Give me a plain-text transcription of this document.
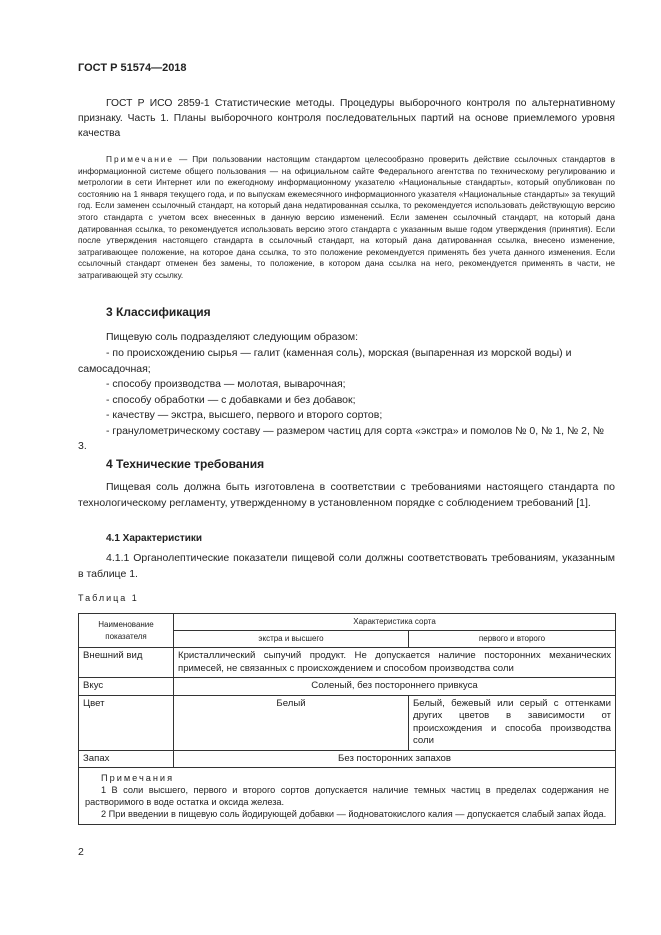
ГОСТ Р 51574—2018
ГОСТ Р ИСО 2859-1 Статистические методы. Процедуры выборочного контроля по альтернативному признаку. Часть 1. Планы выборочного контроля последовательных партий на основе приемлемого уровня качества
Примечание — При пользовании настоящим стандартом целесообразно проверить действие ссылочных стандартов в информационной системе общего пользования — на официальном сайте Федерального агентства по техническому регулированию и метрологии в сети Интернет или по ежегодному информационному указателю «Национальные стандарты», который опубликован по состоянию на 1 января текущего года, и по выпускам ежемесячного информационного указателя «Национальные стандарты» за текущий год. Если заменен ссылочный стандарт, на который дана недатированная ссылка, то рекомендуется использовать действующую версию этого стандарта с учетом всех внесенных в данную версию изменений. Если заменен ссылочный стандарт, на который дана датированная ссылка, то рекомендуется использовать версию этого стандарта с указанным выше годом утверждения (принятия). Если после утверждения настоящего стандарта в ссылочный стандарт, на который дана датированная ссылка, внесено изменение, затрагивающее положение, на которое дана ссылка, то это положение рекомендуется применять без учета данного изменения. Если ссылочный стандарт отменен без замены, то положение, в котором дана ссылка на него, рекомендуется применять в части, не затрагивающей эту ссылку.
3 Классификация
Пищевую соль подразделяют следующим образом:
- по происхождению сырья — галит (каменная соль), морская (выпаренная из морской воды) и самосадочная;
- способу производства — молотая, выварочная;
- способу обработки — с добавками и без добавок;
- качеству — экстра, высшего, первого и второго сортов;
- гранулометрическому составу — размером частиц для сорта «экстра» и помолов № 0, № 1, № 2, № 3.
4 Технические требования
Пищевая соль должна быть изготовлена в соответствии с требованиями настоящего стандарта по технологическому регламенту, утвержденному в установленном порядке с соблюдением требований [1].
4.1 Характеристики
4.1.1 Органолептические показатели пищевой соли должны соответствовать требованиям, указанным в таблице 1.
Таблица 1
Наименование показателя	Характеристика сорта	
	экстра и высшего	первого и второго
Внешний вид	Кристаллический сыпучий продукт. Не допускается наличие посторонних механических примесей, не связанных с происхождением и способом производства соли	
Вкус	Соленый, без постороннего привкуса	
Цвет	Белый	Белый, бежевый или серый с оттенками других цветов в зависимости от происхождения и способа производства соли
Запах	Без посторонних запахов	

Примечания
1 В соли высшего, первого и второго сортов допускается наличие темных частиц в пределах содержания не растворимого в воде остатка и оксида железа.
2 При введении в пищевую соль йодирующей добавки — йодноватокислого калия — допускается слабый запах йода.		
2
